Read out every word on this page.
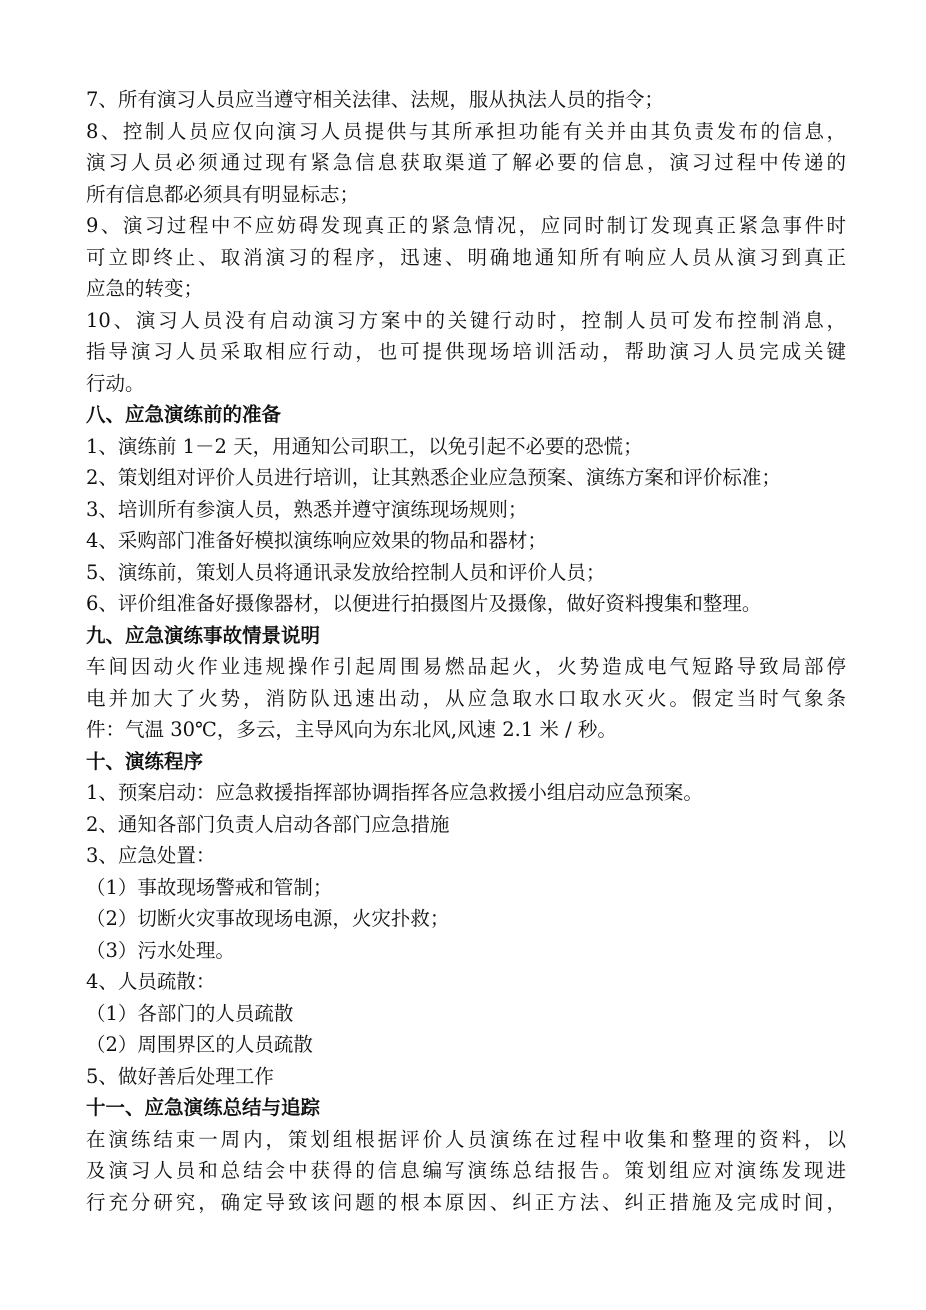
7、所有演习人员应当遵守相关法律、法规，服从执法人员的指令；
8、控制人员应仅向演习人员提供与其所承担功能有关并由其负责发布的信息，
演习人员必须通过现有紧急信息获取渠道了解必要的信息，演习过程中传递的
所有信息都必须具有明显标志；
9、演习过程中不应妨碍发现真正的紧急情况，应同时制订发现真正紧急事件时
可立即终止、取消演习的程序，迅速、明确地通知所有响应人员从演习到真正
应急的转变；
10、演习人员没有启动演习方案中的关键行动时，控制人员可发布控制消息，
指导演习人员采取相应行动，也可提供现场培训活动，帮助演习人员完成关键
行动。
八、应急演练前的准备
1、演练前 1－2 天，用通知公司职工，以免引起不必要的恐慌；
2、策划组对评价人员进行培训，让其熟悉企业应急预案、演练方案和评价标准；
3、培训所有参演人员，熟悉并遵守演练现场规则；
4、采购部门准备好模拟演练响应效果的物品和器材；
5、演练前，策划人员将通讯录发放给控制人员和评价人员；
6、评价组准备好摄像器材，以便进行拍摄图片及摄像，做好资料搜集和整理。
九、应急演练事故情景说明
车间因动火作业违规操作引起周围易燃品起火，火势造成电气短路导致局部停
电并加大了火势，消防队迅速出动，从应急取水口取水灭火。假定当时气象条
件：气温 30℃，多云，主导风向为东北风,风速 2.1 米 / 秒。
十、演练程序
1、预案启动：应急救援指挥部协调指挥各应急救援小组启动应急预案。
2、通知各部门负责人启动各部门应急措施
3、应急处置：
（1）事故现场警戒和管制；
（2）切断火灾事故现场电源，火灾扑救；
（3）污水处理。
4、人员疏散：
（1）各部门的人员疏散
（2）周围界区的人员疏散
5、做好善后处理工作
十一、应急演练总结与追踪
在演练结束一周内，策划组根据评价人员演练在过程中收集和整理的资料，以
及演习人员和总结会中获得的信息编写演练总结报告。策划组应对演练发现进
行充分研究，确定导致该问题的根本原因、纠正方法、纠正措施及完成时间，
